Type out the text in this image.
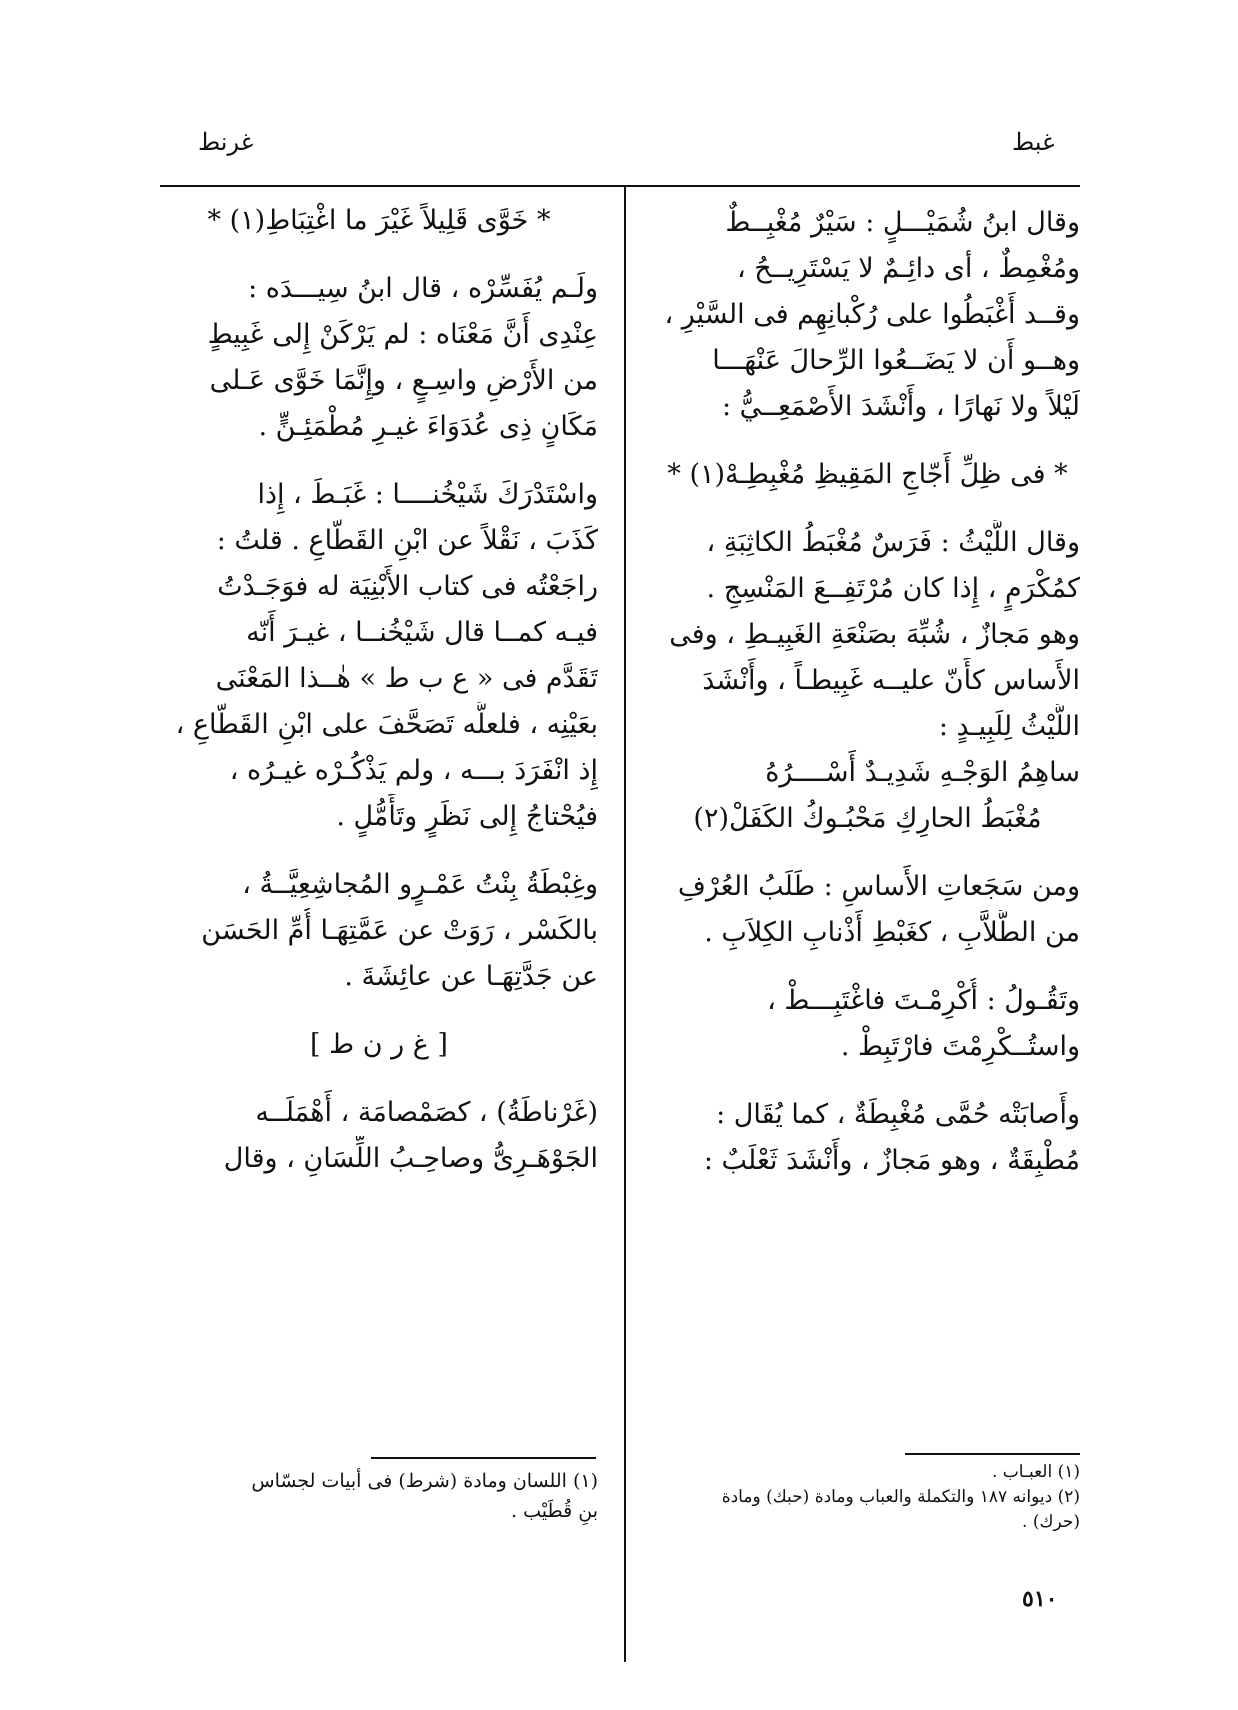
غبط
غرنط
وقال ابنُ شُمَيْـــلٍ : سَيْرٌ مُغْبِــطٌ
ومُغْمِطٌ ، أى دائِـمٌ لا يَسْتَرِيــحُ ،
وقــد أَغْبَطُوا على رُكْبانِهِم فى السَّيْرِ ،
وهــو أَن لا يَضَــعُوا الرِّحالَ عَنْهَـــا
لَيْلاً ولا نَهارًا ، وأَنْشَدَ الأَصْمَعِــيُّ :
* فى ظِلِّ أَجّاجِ المَقِيظِ مُغْبِطِـهْ(١) *
وقال اللَّيْثُ : فَرَسٌ مُغْبَطُ الكاثِبَةِ ،
كمُكْرَمٍ ، إِذا كان مُرْتَفِــعَ المَنْسِجِ .
وهو مَجازٌ ، شُبِّهَ بصَنْعَةِ الغَبِيـطِ ، وفى
الأَساس كأَنّ عليــه غَبِيطـاً ، وأَنْشَدَ
اللَّيْثُ لِلَبِيـدٍ :
ساهِمُ الوَجْـهِ شَدِيـدٌ أَسْــــرُهُ
مُغْبَطُ الحارِكِ مَحْبُـوكُ الكَفَلْ(٢)
ومن سَجَعاتِ الأَساسِ : طَلَبُ العُرْفِ
من الطُّلاَّبِ ، كغَبْطِ أَذْنابِ الكِلاَبِ .
وتَقُـولُ : أُكْرِمْـتَ فاغْتَبِـــطْ ،
واستُــكْرِمْتَ فارْتَبِطْ .
وأَصابَتْه حُمَّى مُغْبِطَةٌ ، كما يُقَال :
مُطْبِقَةٌ ، وهو مَجازٌ ، وأَنْشَدَ ثَعْلَبٌ :
* خَوَّى قَلِيلاً غَيْرَ ما اغْتِبَاطِ(١) *
ولَـم يُفَسِّرْه ، قال ابنُ سِيـــدَه :
عِنْدِى أَنَّ مَعْنَاه : لم يَرْكَنْ إِلى غَبِيطٍ
من الأَرْضِ واسِـعٍ ، وإِنَّمَا خَوَّى عَـلى
مَكَانٍ ذِى عُدَوَاءَ غيـرِ مُطْمَئِـنٍّ .
واسْتَدْرَكَ شَيْخُنــــا : غَبَـطَ ، إِذا
كَذَبَ ، نَقْلاً عن ابْنِ القَطّاعِ . قلتُ :
راجَعْتُه فى كتاب الأَبْنِيَة له فوَجَـدْتُ
فيـه كمــا قال شَيْخُنــا ، غيـرَ أَنّه
تَقَدَّم فى « ع ب ط » هٰــذا المَعْنَى
بعَيْنِه ، فلعلَّه تَصَحَّفَ على ابْنِ القَطّاعِ ،
إِذ انْفَرَدَ بـــه ، ولم يَذْكُـرْه غيـرُه ،
فيُحْتاجُ إِلى نَظَرٍ وتَأَمُّلٍ .
وغِبْطَةُ بِنْتُ عَمْـرٍو المُجاشِعِيَّــةُ ،
بالكَسْر ، رَوَتْ عن عَمَّتِهَـا أُمِّ الحَسَن
عن جَدَّتِهَـا عن عائِشَةَ .
[ غ ر ن ط ]
(غَرْناطَةُ) ، كصَمْصامَة ، أَهْمَلَــه
الجَوْهَـرِىُّ وصاحِـبُ اللِّسَانِ ، وقال
(١) العبـاب .
(٢) ديوانه ١٨٧ والتكملة والعباب ومادة (حبك) ومادة
(حرك) .
(١) اللسان ومادة (شرط) فى أبيات لجسّاس
بنِ قُطَيْب .
٥١٠
